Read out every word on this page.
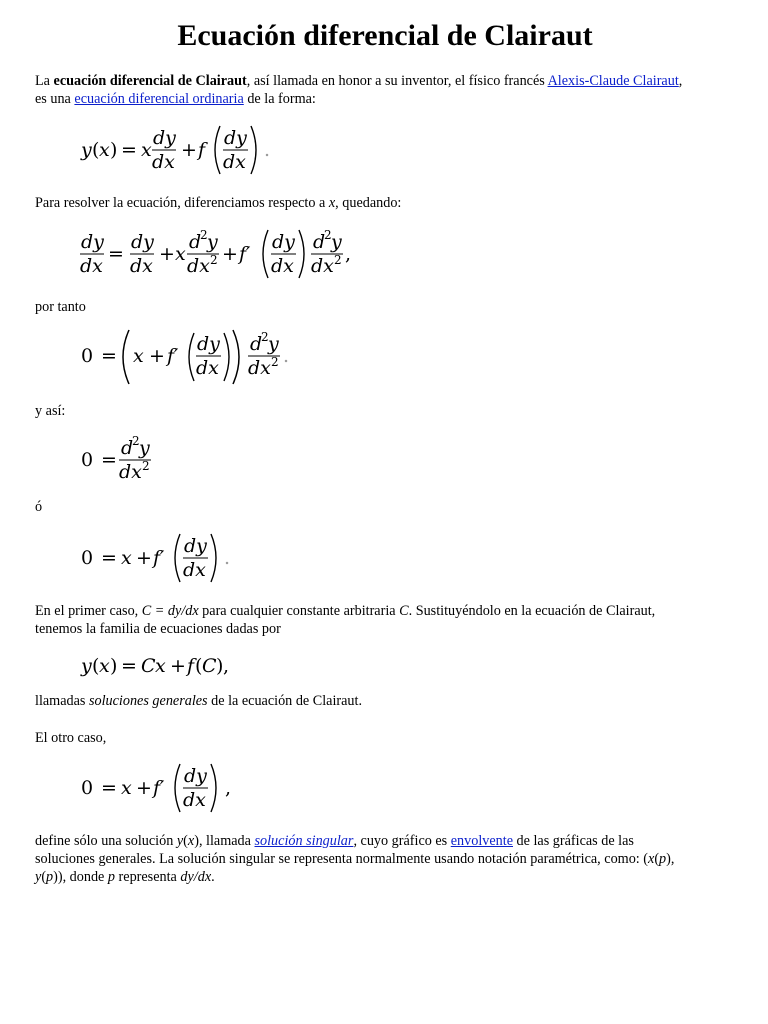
Ecuación diferencial de Clairaut

La ecuación diferencial de Clairaut, así llamada en honor a su inventor, el físico francés Alexis-Claude Clairaut,
es una ecuación diferencial ordinaria de la forma:

y ( x ) = x
dy
dx
+ f
dy
dx
.

Para resolver la ecuación, diferenciamos respecto a x, quedando:

dy
dx
=
dy
dx
+ x
d
2 y
dx 2 + f′
dy
dx
d
2 y
dx 2 ,

por tanto

0 = x + f′
dy
dx
d
2 y
dx 2 .

y así:

0 =
d
2 y
dx 2

ó

0 = x + f′
dy
dx
.

En el primer caso, C = dy/dx para cualquier constante arbitraria C. Sustituyéndolo en la ecuación de Clairaut,
tenemos la familia de ecuaciones dadas por

y ( x ) = C x + f ( C ) ,

llamadas soluciones generales de la ecuación de Clairaut.

El otro caso,

0 = x + f′
dy
dx
,

define sólo una solución y(x), llamada solución singular, cuyo gráfico es envolvente de las gráficas de las
soluciones generales. La solución singular se representa normalmente usando notación paramétrica, como: (x(p),
y(p)), donde p representa dy/dx.
